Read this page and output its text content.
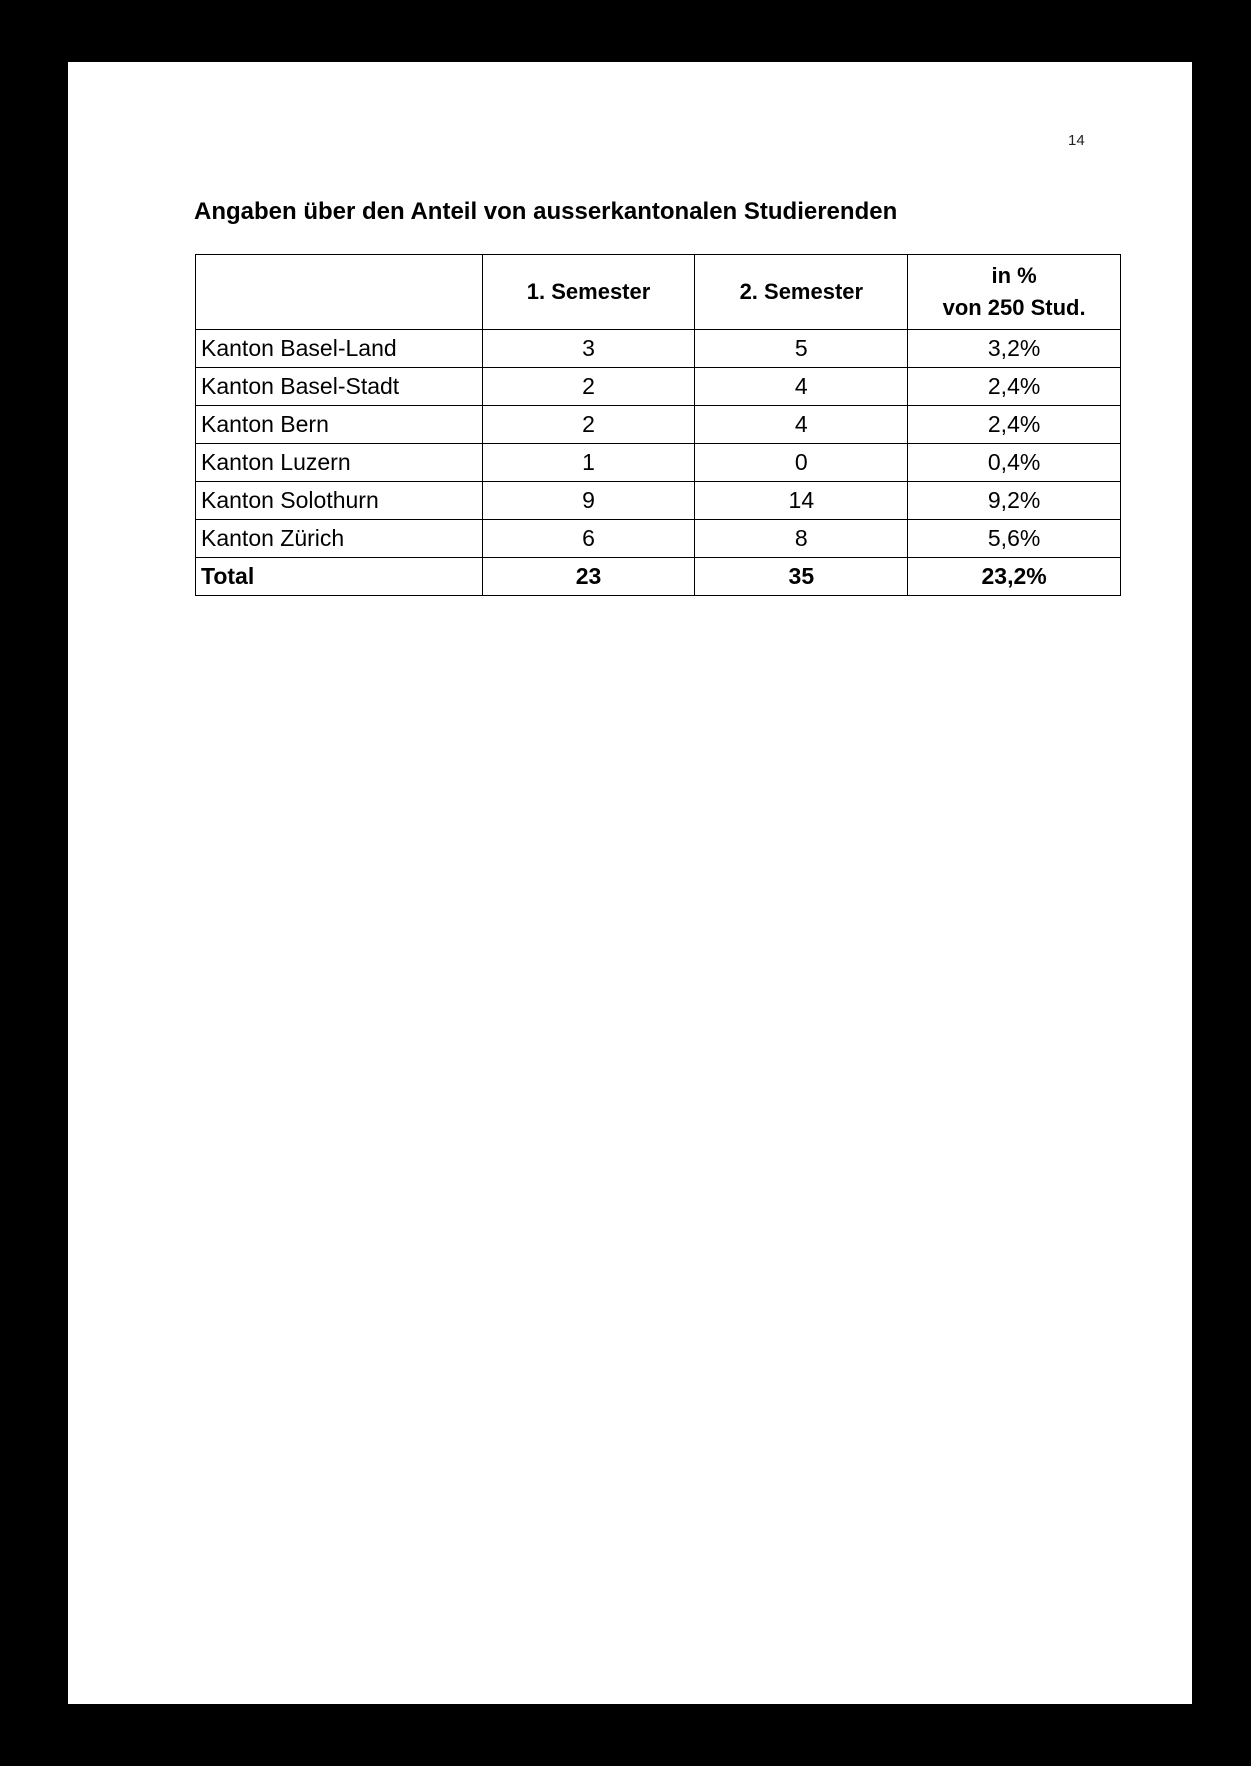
14
Angaben über den Anteil von ausserkantonalen Studierenden
	1. Semester	2. Semester	in %
von 250 Stud.

Kanton Basel-Land	3	5	3,2%
Kanton Basel-Stadt	2	4	2,4%
Kanton Bern	2	4	2,4%
Kanton Luzern	1	0	0,4%
Kanton Solothurn	9	14	9,2%
Kanton Zürich	6	8	5,6%
Total	23	35	23,2%
